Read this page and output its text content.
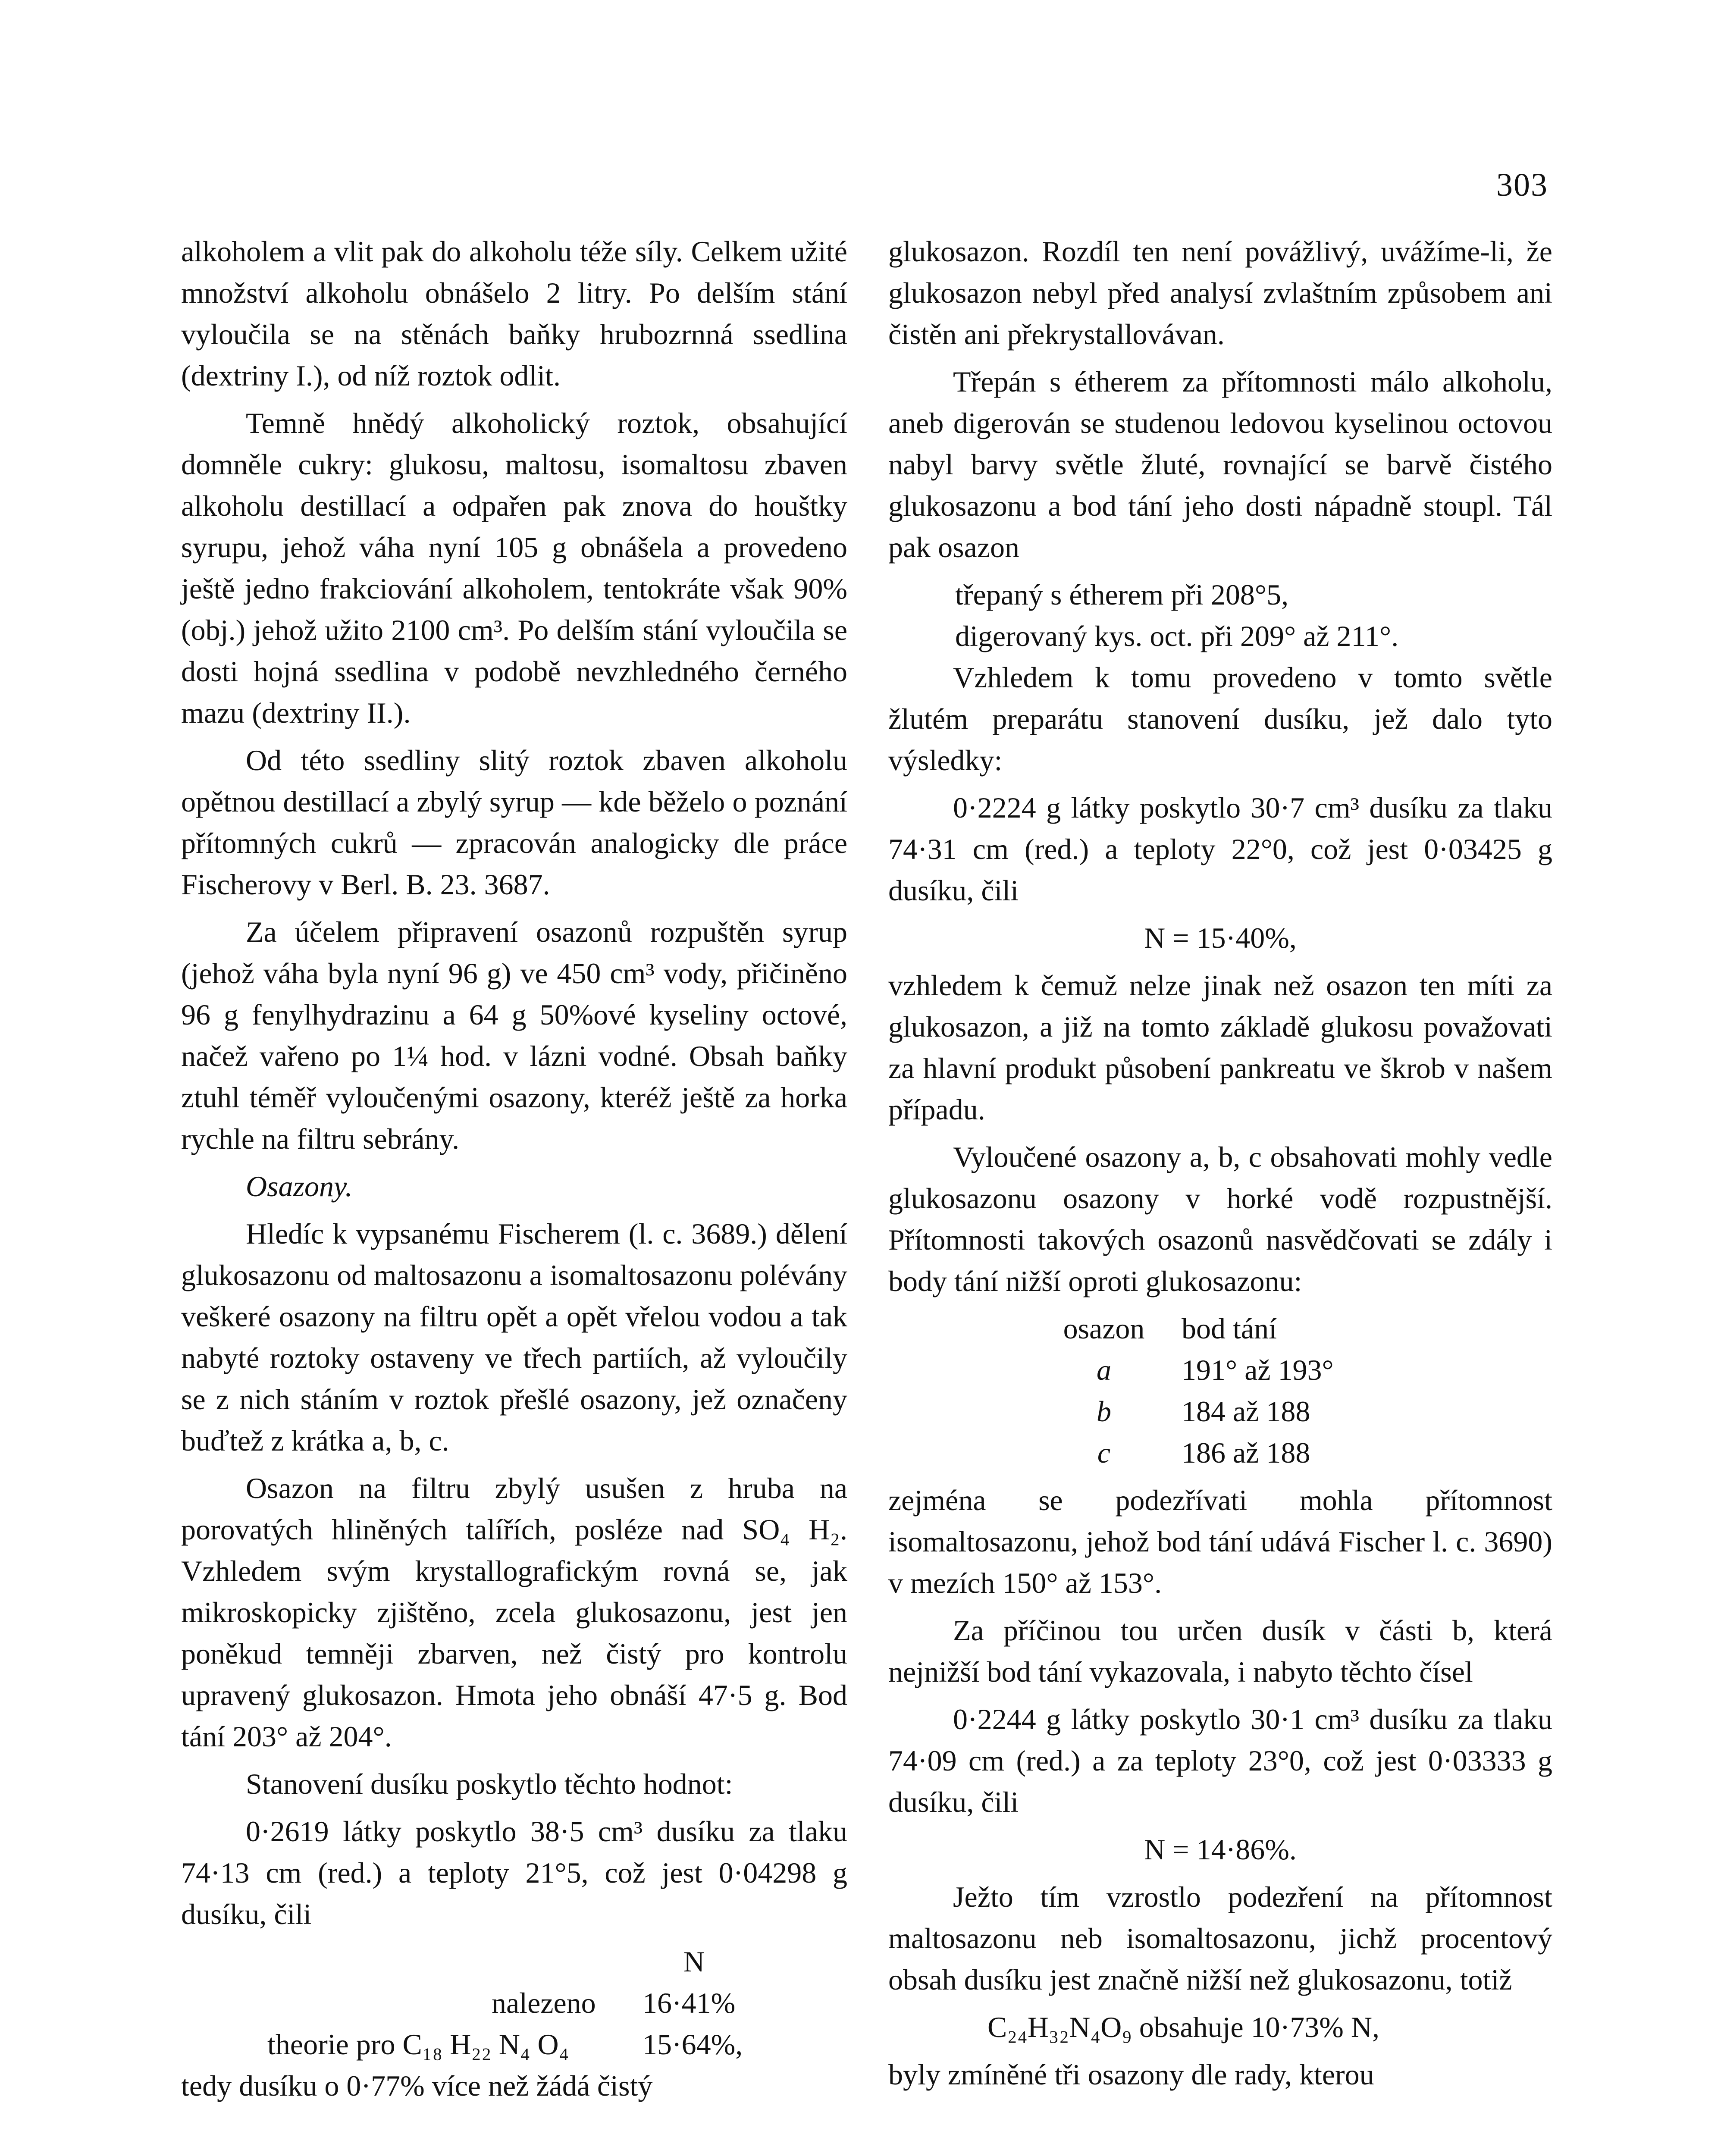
303

alkoholem a vlit pak do alkoholu téže síly. Celkem užité množství alkoholu obnášelo 2 litry. Po delším stání vyloučila se na stěnách baňky hrubozrnná ssedlina (dextriny I.), od níž roztok odlit.

Temně hnědý alkoholický roztok, obsahující domněle cukry: glukosu, maltosu, isomaltosu zbaven alkoholu destillací a odpařen pak znova do houštky syrupu, jehož váha nyní 105 g obnášela a provedeno ještě jedno frakciování alkoholem, tentokráte však 90% (obj.) jehož užito 2100 cm³. Po delším stání vyloučila se dosti hojná ssedlina v podobě nevzhledného černého mazu (dextriny II.).

Od této ssedliny slitý roztok zbaven alkoholu opětnou destillací a zbylý syrup — kde běželo o poznání přítomných cukrů — zpracován analogicky dle práce Fischerovy v Berl. B. 23. 3687.

Za účelem připravení osazonů rozpuštěn syrup (jehož váha byla nyní 96 g) ve 450 cm³ vody, přičiněno 96 g fenylhydrazinu a 64 g 50%ové kyseliny octové, načež vařeno po 1¼ hod. v lázni vodné. Obsah baňky ztuhl téměř vyloučenými osazony, kteréž ještě za horka rychle na filtru sebrány.

Osazony.

Hledíc k vypsanému Fischerem (l. c. 3689.) dělení glukosazonu od maltosazonu a isomaltosazonu polévány veškeré osazony na filtru opět a opět vřelou vodou a tak nabyté roztoky ostaveny ve třech partiích, až vyloučily se z nich stáním v roztok přešlé osazony, jež označeny buďtež z krátka a, b, c.

Osazon na filtru zbylý usušen z hruba na porovatých hliněných talířích, posléze nad SO₄ H₂. Vzhledem svým krystallografickým rovná se, jak mikroskopicky zjištěno, zcela glukosazonu, jest jen poněkud temněji zbarven, než čistý pro kontrolu upravený glukosazon. Hmota jeho obnáší 47·5 g. Bod tání 203° až 204°.

Stanovení dusíku poskytlo těchto hodnot:

0·2619 látky poskytlo 38·5 cm³ dusíku za tlaku 74·13 cm (red.) a teploty 21°5, což jest 0·04298 g dusíku, čili

N
nalezeno 16·41%
theorie pro C₁₈ H₂₂ N₄ O₄	15·64%,
tedy dusíku o 0·77% více než žádá čistý

glukosazon. Rozdíl ten není povážlivý, uvážíme-li, že glukosazon nebyl před analysí zvlaštním způsobem ani čistěn ani překrystallovávan.

Třepán s étherem za přítomnosti málo alkoholu, aneb digerován se studenou ledovou kyselinou octovou nabyl barvy světle žluté, rovnající se barvě čistého glukosazonu a bod tání jeho dosti nápadně stoupl. Tál pak osazon

třepaný s étherem při 208°5,
digerovaný kys. oct. při 209° až 211°.

Vzhledem k tomu provedeno v tomto světle žlutém preparátu stanovení dusíku, jež dalo tyto výsledky:

0·2224 g látky poskytlo 30·7 cm³ dusíku za tlaku 74·31 cm (red.) a teploty 22°0, což jest 0·03425 g dusíku, čili

N = 15·40%,

vzhledem k čemuž nelze jinak než osazon ten míti za glukosazon, a již na tomto základě glukosu považovati za hlavní produkt působení pankreatu ve škrob v našem případu.

Vyloučené osazony a, b, c obsahovati mohly vedle glukosazonu osazony v horké vodě rozpustnější. Přítomnosti takových osazonů nasvědčovati se zdály i body tání nižší oproti glukosazonu:

osazon	bod tání
a	191° až 193°
b	184 až 188
c	186 až 188

zejména se podezřívati mohla přítomnost isomaltosazonu, jehož bod tání udává Fischer l. c. 3690) v mezích 150° až 153°.

Za příčinou tou určen dusík v části b, která nejnižší bod tání vykazovala, i nabyto těchto čísel

0·2244 g látky poskytlo 30·1 cm³ dusíku za tlaku 74·09 cm (red.) a za teploty 23°0, což jest 0·03333 g dusíku, čili

N = 14·86%.

Ježto tím vzrostlo podezření na přítomnost maltosazonu neb isomaltosazonu, jichž procentový obsah dusíku jest značně nižší než glukosazonu, totiž

C₂₄H₃₂N₄O₉ obsahuje 10·73% N,

byly zmíněné tři osazony dle rady, kterou
